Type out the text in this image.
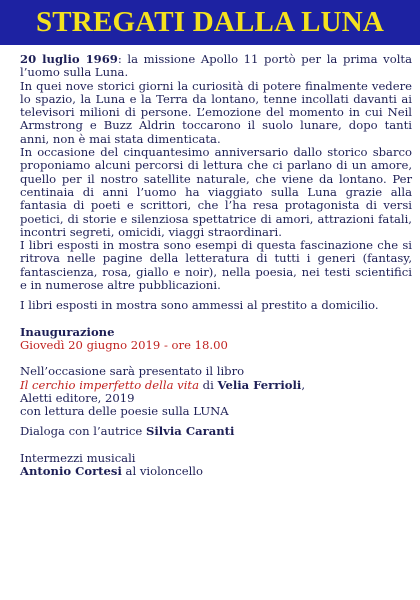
STREGATI DALLA LUNA

20 luglio 1969: la missione Apollo 11 portò per la prima volta l’uomo sulla Luna.

In quei nove storici giorni la curiosità di potere finalmente vedere lo spazio, la Luna e la Terra da lontano, tenne incollati davanti ai televisori milioni di persone. L’emozione del momento in cui Neil Armstrong e Buzz Aldrin toccarono il suolo lunare, dopo tanti anni, non è mai stata dimenticata.

In occasione del cinquantesimo anniversario dallo storico sbarco proponiamo alcuni percorsi di lettura che ci parlano di un amore, quello per il nostro satellite naturale, che viene da lontano. Per centinaia di anni l’uomo ha viaggiato sulla Luna grazie alla fantasia di poeti e scrittori, che l’ha resa protagonista di versi poetici, di storie e silenziosa spettatrice di amori, attrazioni fatali, incontri segreti, omicidi, viaggi straordinari.

I libri esposti in mostra sono esempi di questa fascinazione che si ritrova nelle pagine della letteratura di tutti i generi (fantasy, fantascienza, rosa, giallo e noir), nella poesia, nei testi scientifici e in numerose altre pubblicazioni.

I libri esposti in mostra sono ammessi al prestito a domicilio.

Inaugurazione

Giovedì 20 giugno 2019 - ore 18.00

Nell’occasione sarà presentato il libro

Il cerchio imperfetto della vita di Velia Ferrioli,

Aletti editore, 2019

con lettura delle poesie sulla LUNA

Dialoga con l’autrice Silvia Caranti

Intermezzi musicali

Antonio Cortesi al violoncello
